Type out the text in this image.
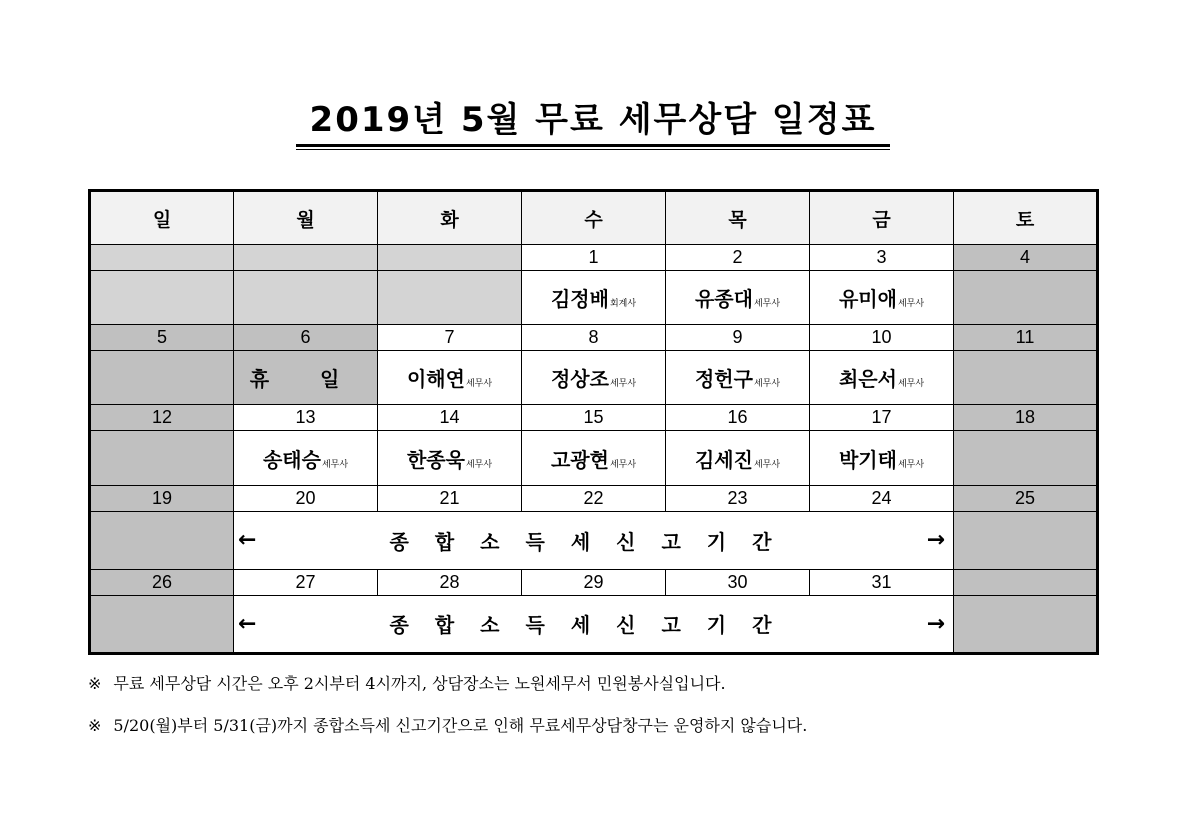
2019년 5월 무료 세무상담 일정표
일	월	화	수	목	금	토
			1	2	3	4
			김정배회계사	유종대세무사	유미애세무사	
5	6	7	8	9	10	11
	휴 일	이해연세무사	정상조세무사	정헌구세무사	최은서세무사	
12	13	14	15	16	17	18
	송태승세무사	한종욱세무사	고광현세무사	김세진세무사	박기태세무사	
19	20	21	22	23	24	25

	← 종합소득세신고기간 →					

26	27	28	29	30	31	

	← 종합소득세신고기간 →					

※ 무료 세무상담 시간은 오후 2시부터 4시까지, 상담장소는 노원세무서 민원봉사실입니다.
※ 5/20(월)부터 5/31(금)까지 종합소득세 신고기간으로 인해 무료세무상담창구는 운영하지 않습니다.
